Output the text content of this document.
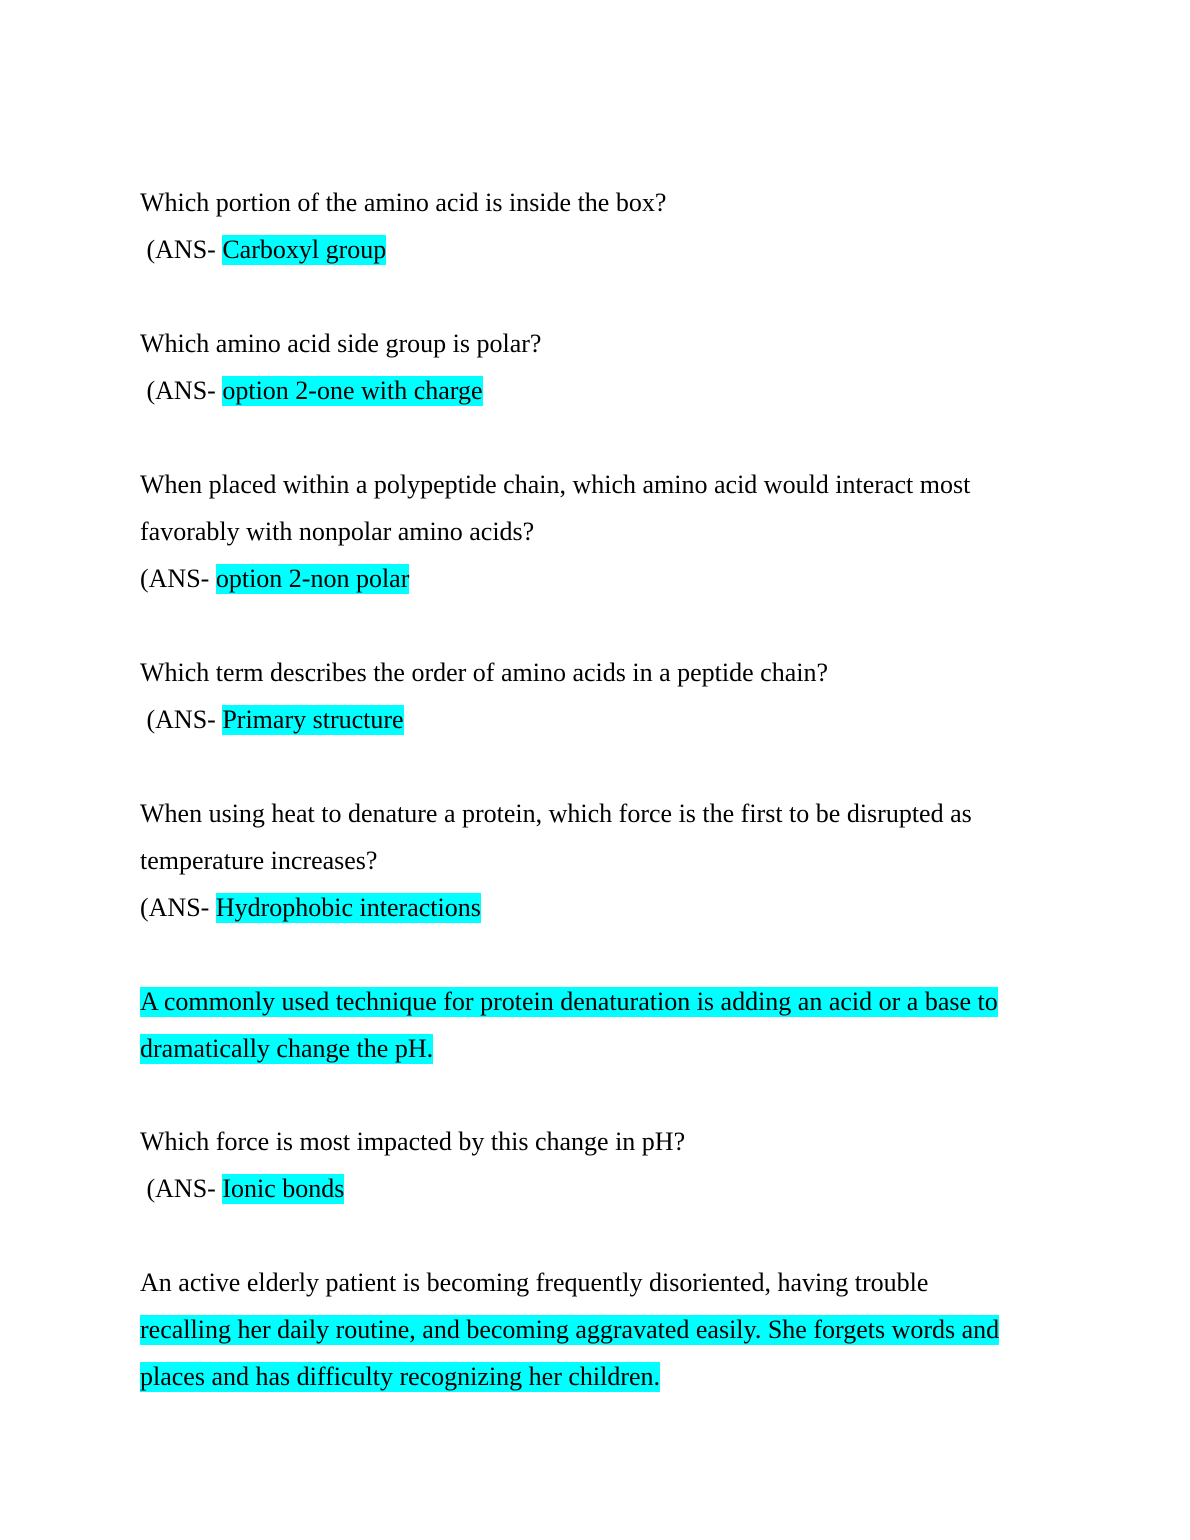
Which portion of the amino acid is inside the box?
(ANS- Carboxyl group
Which amino acid side group is polar?
(ANS- option 2-one with charge
When placed within a polypeptide chain, which amino acid would interact most
favorably with nonpolar amino acids?
(ANS- option 2-non polar
Which term describes the order of amino acids in a peptide chain?
(ANS- Primary structure
When using heat to denature a protein, which force is the first to be disrupted as
temperature increases?
(ANS- Hydrophobic interactions
A commonly used technique for protein denaturation is adding an acid or a base to
dramatically change the pH.
Which force is most impacted by this change in pH?
(ANS- Ionic bonds
An active elderly patient is becoming frequently disoriented, having trouble
recalling her daily routine, and becoming aggravated easily. She forgets words and
places and has difficulty recognizing her children.
